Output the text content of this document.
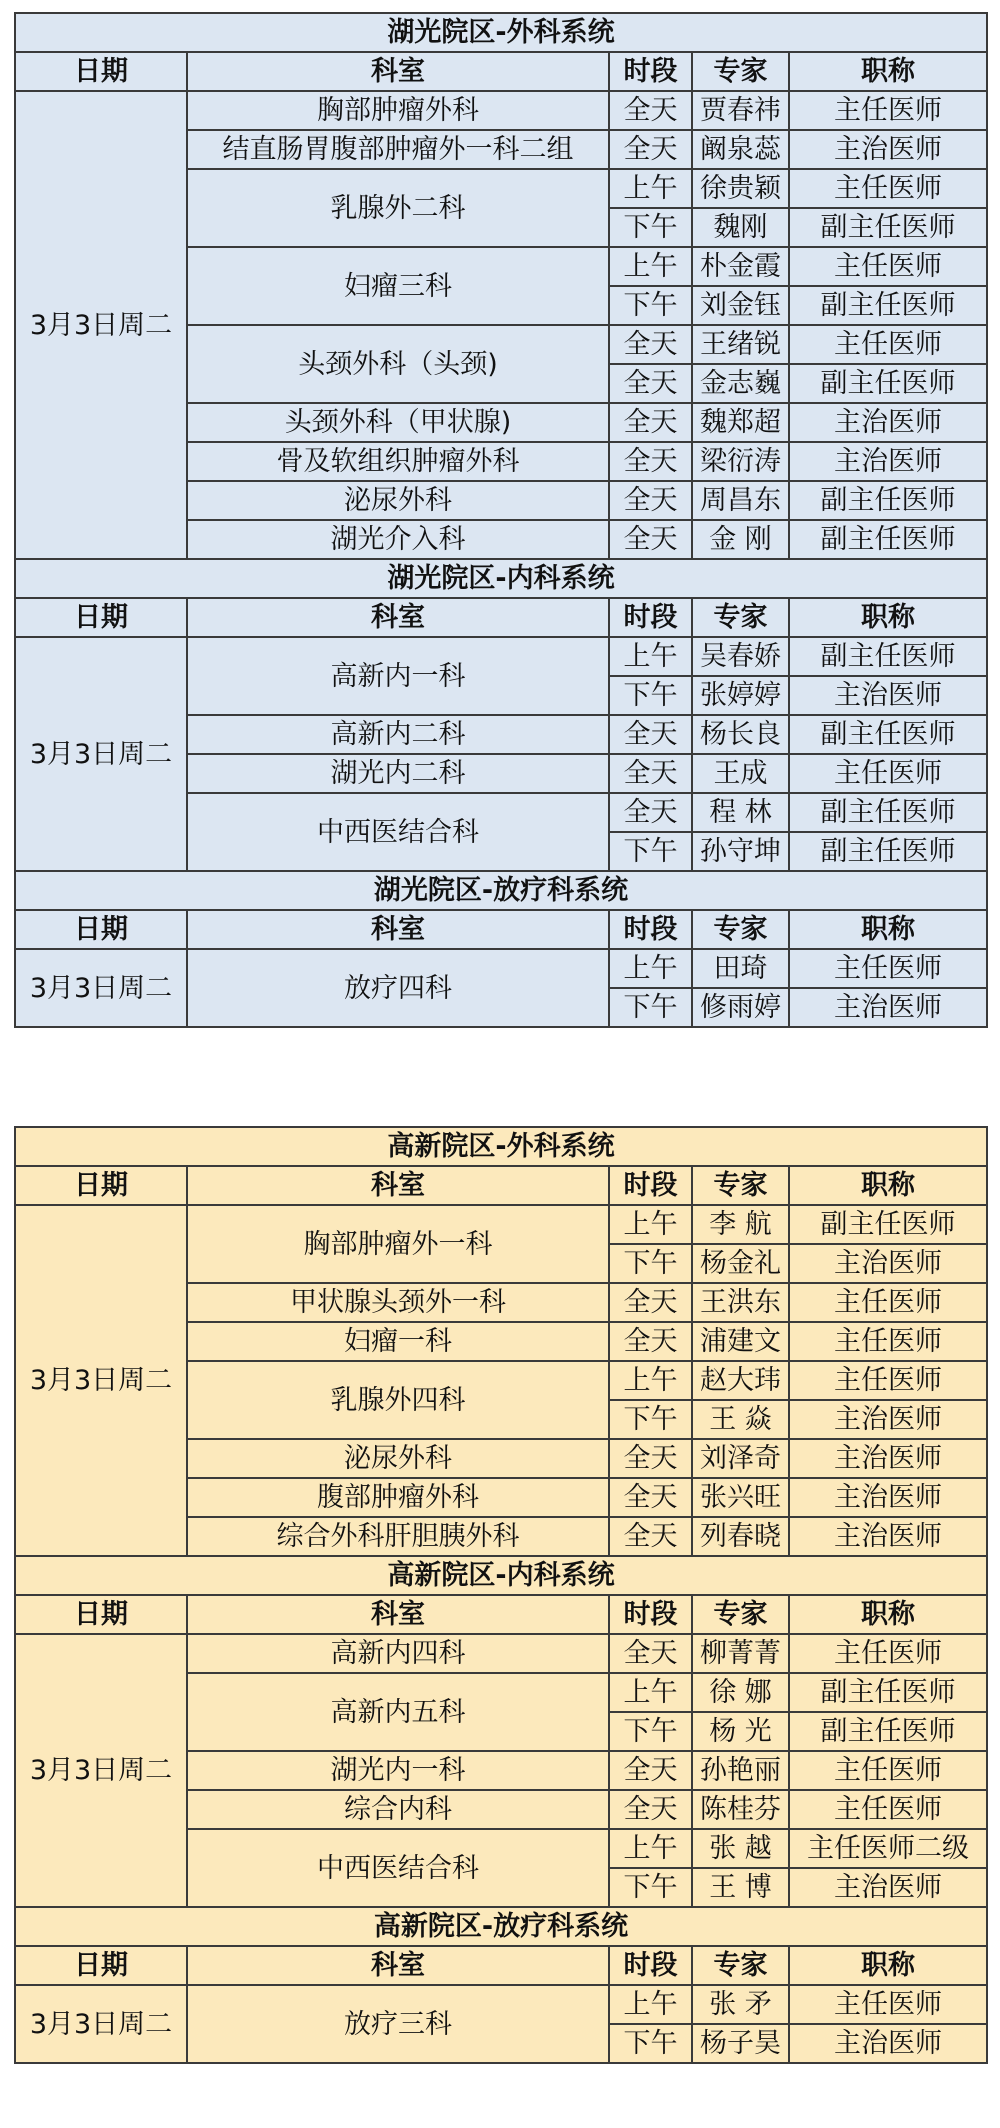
湖光院区-外科系统				
日期	科室	时段	专家	职称
3月3日周二	胸部肿瘤外科	全天	贾春祎	主任医师
	结直肠胃腹部肿瘤外一科二组	全天	阚泉蕊	主治医师
	乳腺外二科	上午	徐贵颖	主任医师
		下午	魏刚	副主任医师
	妇瘤三科	上午	朴金霞	主任医师
		下午	刘金钰	副主任医师
	头颈外科（头颈)	全天	王绪锐	主任医师
		全天	金志巍	副主任医师
	头颈外科（甲状腺)	全天	魏郑超	主治医师
	骨及软组织肿瘤外科	全天	梁衍涛	主治医师
	泌尿外科	全天	周昌东	副主任医师
	湖光介入科	全天	金 刚	副主任医师
湖光院区-内科系统				
日期	科室	时段	专家	职称
3月3日周二	高新内一科	上午	吴春娇	副主任医师
		下午	张婷婷	主治医师
	高新内二科	全天	杨长良	副主任医师
	湖光内二科	全天	王成	主任医师
	中西医结合科	全天	程 林	副主任医师
		下午	孙守坤	副主任医师
湖光院区-放疗科系统				
日期	科室	时段	专家	职称
3月3日周二	放疗四科	上午	田琦	主任医师
		下午	修雨婷	主治医师
高新院区-外科系统				
日期	科室	时段	专家	职称
3月3日周二	胸部肿瘤外一科	上午	李 航	副主任医师
		下午	杨金礼	主治医师
	甲状腺头颈外一科	全天	王洪东	主任医师
	妇瘤一科	全天	浦建文	主任医师
	乳腺外四科	上午	赵大玮	主任医师
		下午	王 焱	主治医师
	泌尿外科	全天	刘泽奇	主治医师
	腹部肿瘤外科	全天	张兴旺	主治医师
	综合外科肝胆胰外科	全天	列春晓	主治医师
高新院区-内科系统				
日期	科室	时段	专家	职称
3月3日周二	高新内四科	全天	柳菁菁	主任医师
	高新内五科	上午	徐 娜	副主任医师
		下午	杨 光	副主任医师
	湖光内一科	全天	孙艳丽	主任医师
	综合内科	全天	陈桂芬	主任医师
	中西医结合科	上午	张 越	主任医师二级
		下午	王 博	主治医师
高新院区-放疗科系统				
日期	科室	时段	专家	职称
3月3日周二	放疗三科	上午	张 矛	主任医师
		下午	杨子昊	主治医师
